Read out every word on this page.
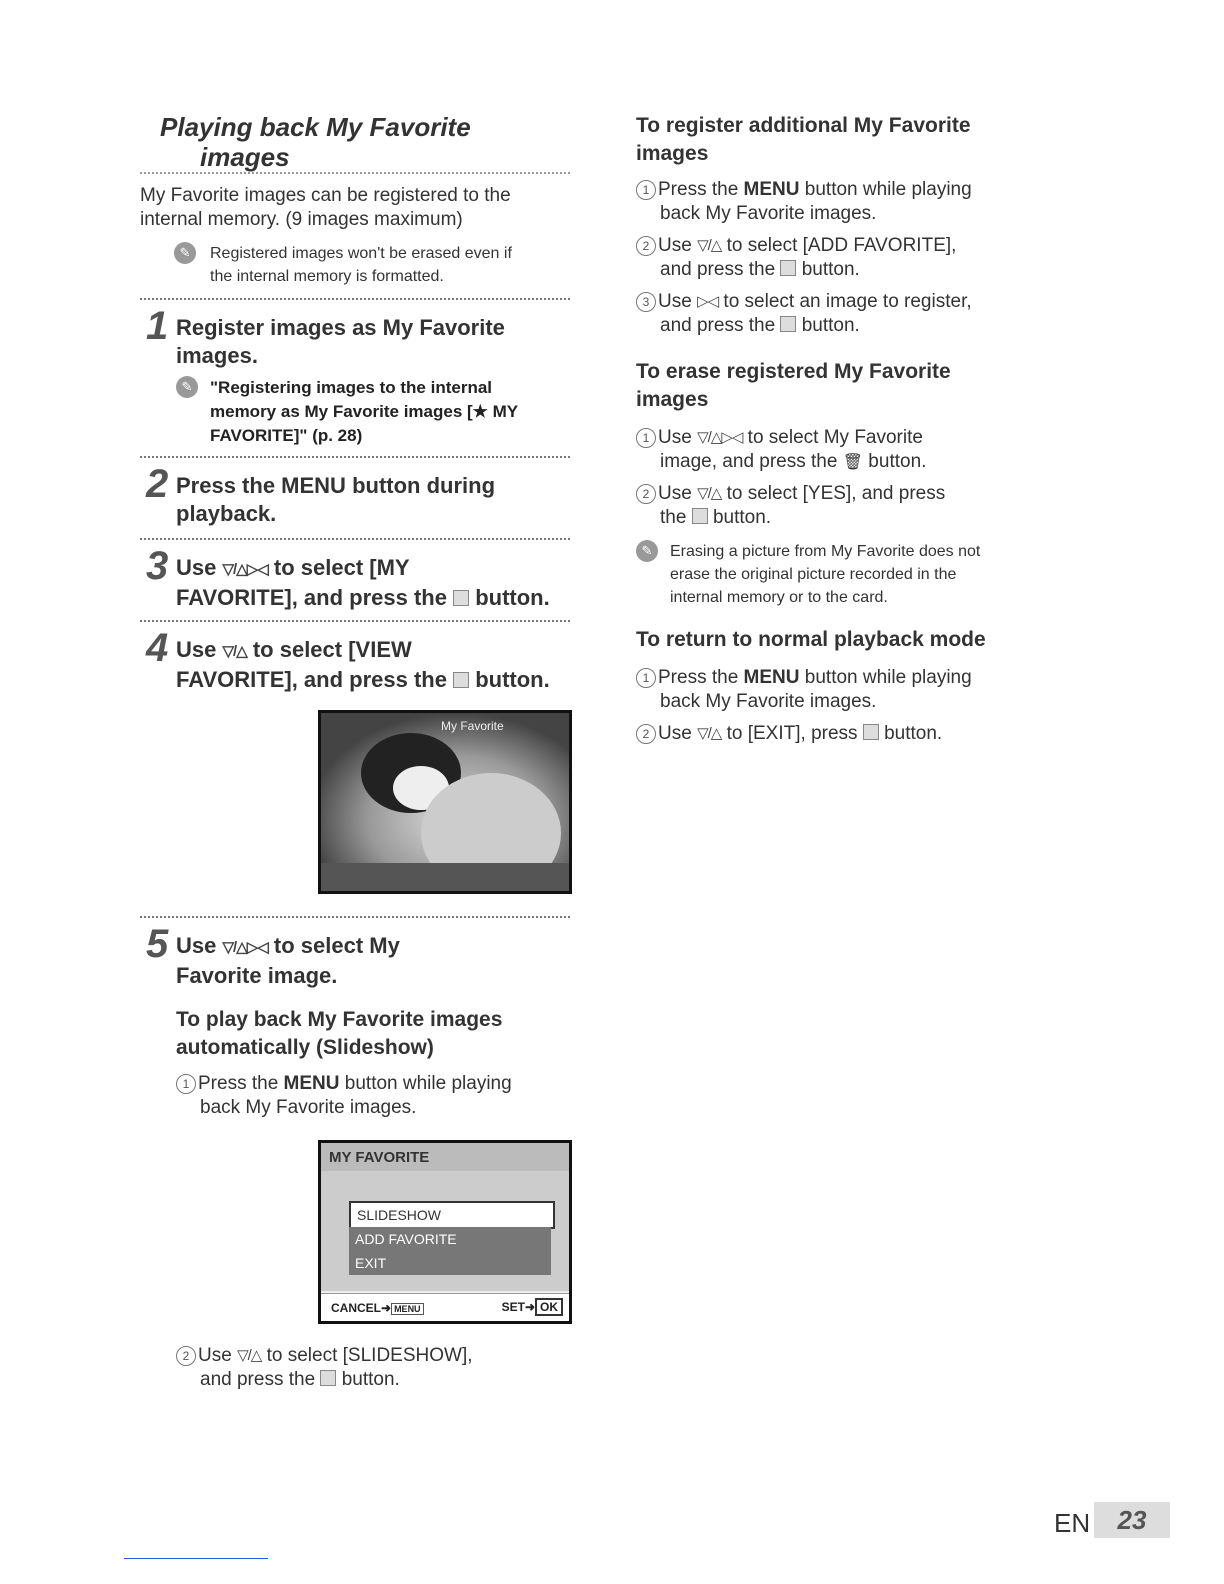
Playing back My Favorite
images
My Favorite images can be registered to the
internal memory. (9 images maximum)
✎	Registered images won't be erased even if
the internal memory is formatted.
1 Register images as My Favorite
images.
✎	"Registering images to the internal
memory as My Favorite images [★ MY
FAVORITE]" (p. 28)
2 Press the MENU button during
playback.
3 Use ▽/△▷◁ to select [MY
FAVORITE], and press the  button.
4 Use ▽/△ to select [VIEW
FAVORITE], and press the  button.
My Favorite
5 Use ▽/△▷◁ to select My
Favorite image.
To play back My Favorite images
automatically (Slideshow)
1 Press the MENU button while playing
back My Favorite images.
MY FAVORITE
SLIDESHOW
ADD FAVORITE
EXIT
CANCEL➜ MENU	SET➜ OK
2 Use ▽/△ to select [SLIDESHOW],
and press the  button.
To register additional My Favorite
images
1 Press the MENU button while playing
back My Favorite images.
2 Use ▽/△ to select [ADD FAVORITE],
and press the  button.
3 Use ▷◁ to select an image to register,
and press the  button.
To erase registered My Favorite
images
1 Use ▽/△▷◁ to select My Favorite
image, and press the 🗑 button.
2 Use ▽/△ to select [YES], and press
the  button.
✎	Erasing a picture from My Favorite does not
erase the original picture recorded in the
internal memory or to the card.
To return to normal playback mode
1 Press the MENU button while playing
back My Favorite images.
2 Use ▽/△ to [EXIT], press  button.
EN	23
